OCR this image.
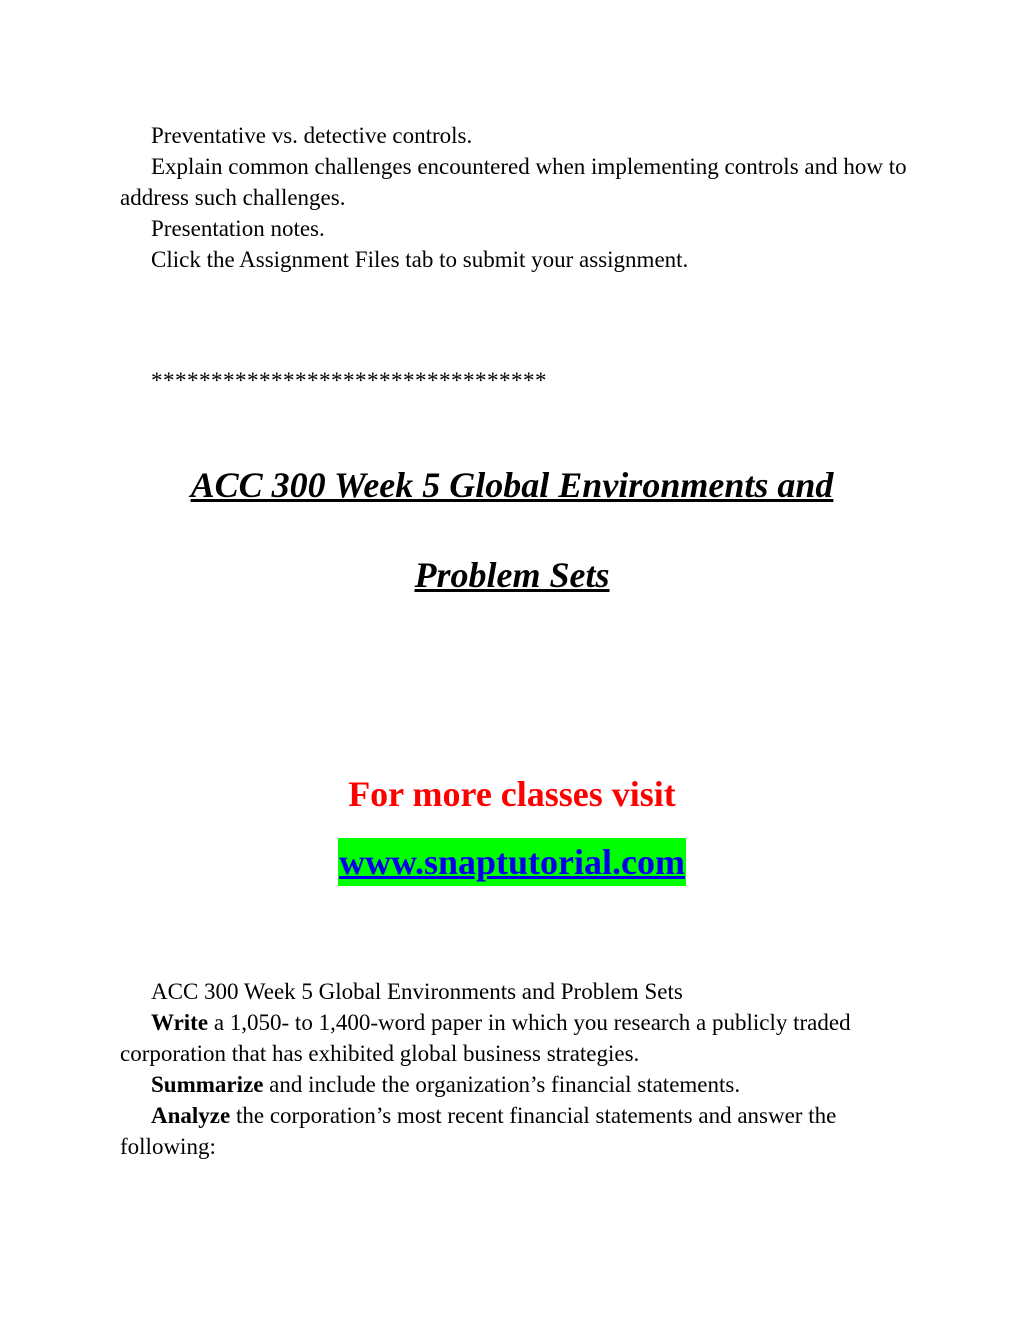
Preventative vs. detective controls.

Explain common challenges encountered when implementing controls and how to address such challenges.

Presentation notes.

Click the Assignment Files tab to submit your assignment.

*********************************
ACC 300 Week 5 Global Environments and
Problem Sets
For more classes visit
www.snaptutorial.com

ACC 300 Week 5 Global Environments and Problem Sets

Write a 1,050- to 1,400-word paper in which you research a publicly traded corporation that has exhibited global business strategies.

Summarize and include the organization’s financial statements.

Analyze the corporation’s most recent financial statements and answer the following:
